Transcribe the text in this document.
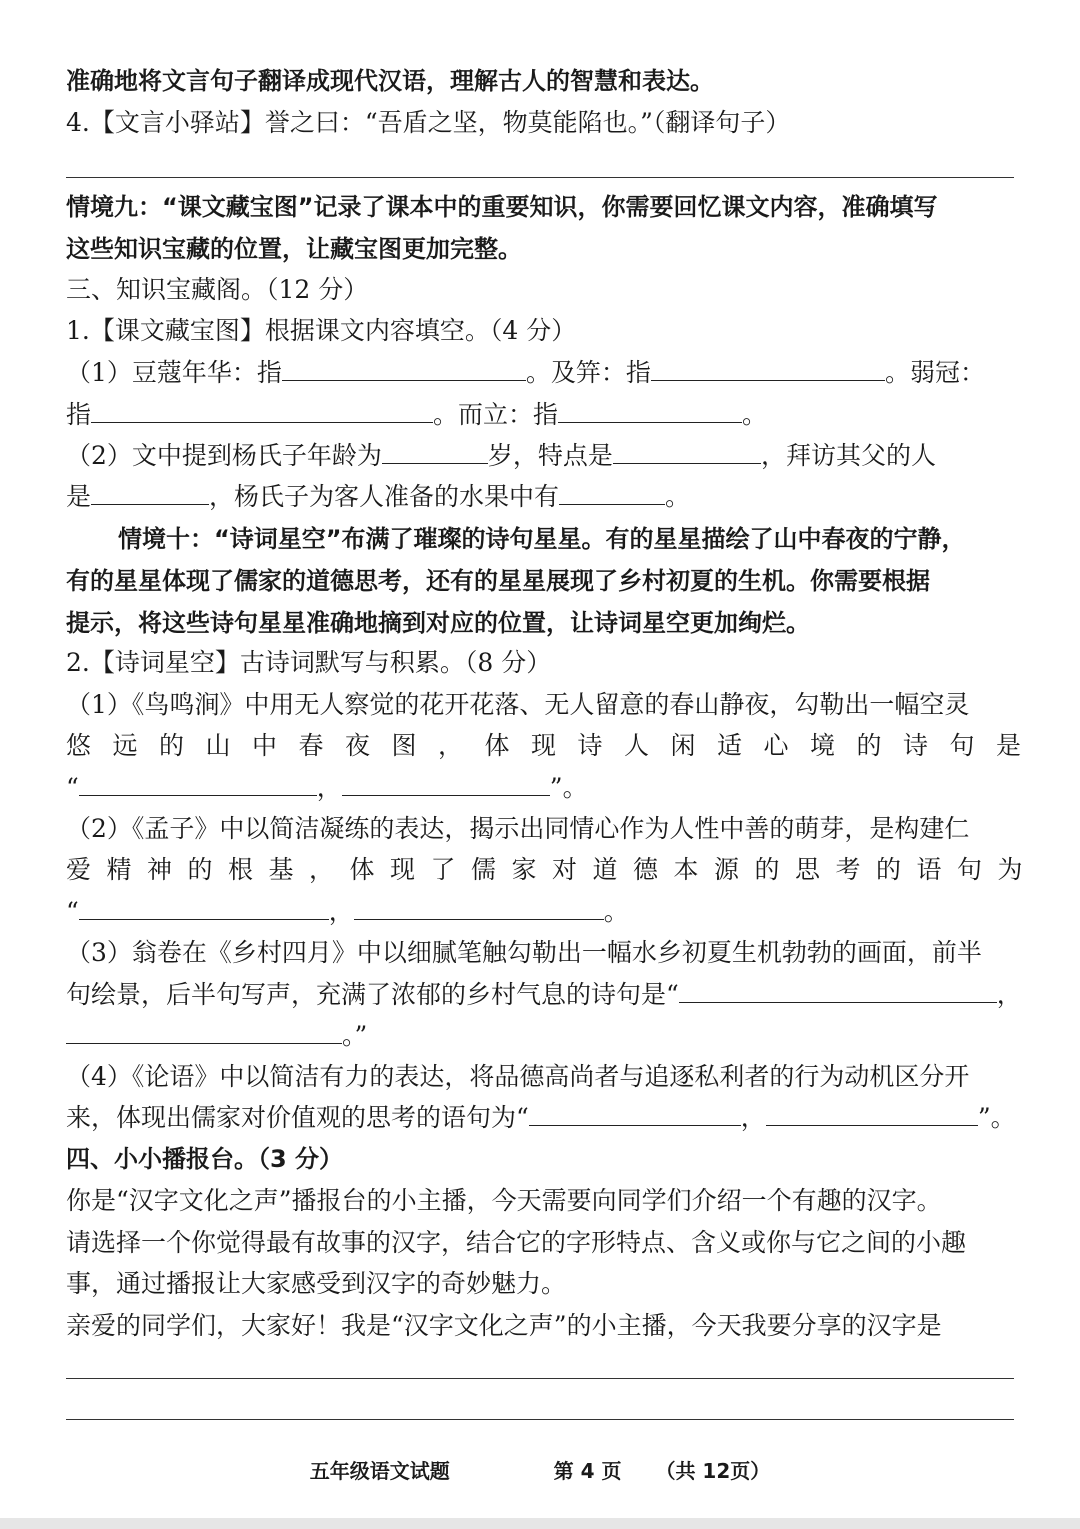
准确地将文言句子翻译成现代汉语，理解古人的智慧和表达。
4.【文言小驿站】誉之曰：“吾盾之坚，物莫能陷也。”（翻译句子）
情境九：“课文藏宝图”记录了课本中的重要知识，你需要回忆课文内容，准确填写
这些知识宝藏的位置，让藏宝图更加完整。
三、知识宝藏阁。（12 分）
1.【课文藏宝图】根据课文内容填空。（4 分）
（1）豆蔻年华：指	。及笄：指	。弱冠：
指	。而立：指	。
（2）文中提到杨氏子年龄为	岁，特点是	，拜访其父的人
是	，杨氏子为客人准备的水果中有	。
情境十：“诗词星空”布满了璀璨的诗句星星。有的星星描绘了山中春夜的宁静，
有的星星体现了儒家的道德思考，还有的星星展现了乡村初夏的生机。你需要根据
提示，将这些诗句星星准确地摘到对应的位置，让诗词星空更加绚烂。
2.【诗词星空】古诗词默写与积累。（8 分）
（1）《鸟鸣涧》中用无人察觉的花开花落、无人留意的春山静夜，勾勒出一幅空灵
悠远的山中春夜图，体现诗人闲适心境的诗句是
“	，	”。
（2）《孟子》中以简洁凝练的表达，揭示出同情心作为人性中善的萌芽，是构建仁
爱精神的根基，体现了儒家对道德本源的思考的语句为
“	，	。
（3）翁卷在《乡村四月》中以细腻笔触勾勒出一幅水乡初夏生机勃勃的画面，前半
句绘景，后半句写声，充满了浓郁的乡村气息的诗句是“	，
。”
（4）《论语》中以简洁有力的表达，将品德高尚者与追逐私利者的行为动机区分开
来，体现出儒家对价值观的思考的语句为“	，	”。
四、小小播报台。（3 分）
你是“汉字文化之声”播报台的小主播，今天需要向同学们介绍一个有趣的汉字。
请选择一个你觉得最有故事的汉字，结合它的字形特点、含义或你与它之间的小趣
事，通过播报让大家感受到汉字的奇妙魅力。
亲爱的同学们，大家好！我是“汉字文化之声”的小主播，今天我要分享的汉字是
五年级语文试题	第 4 页 （共 12页）
